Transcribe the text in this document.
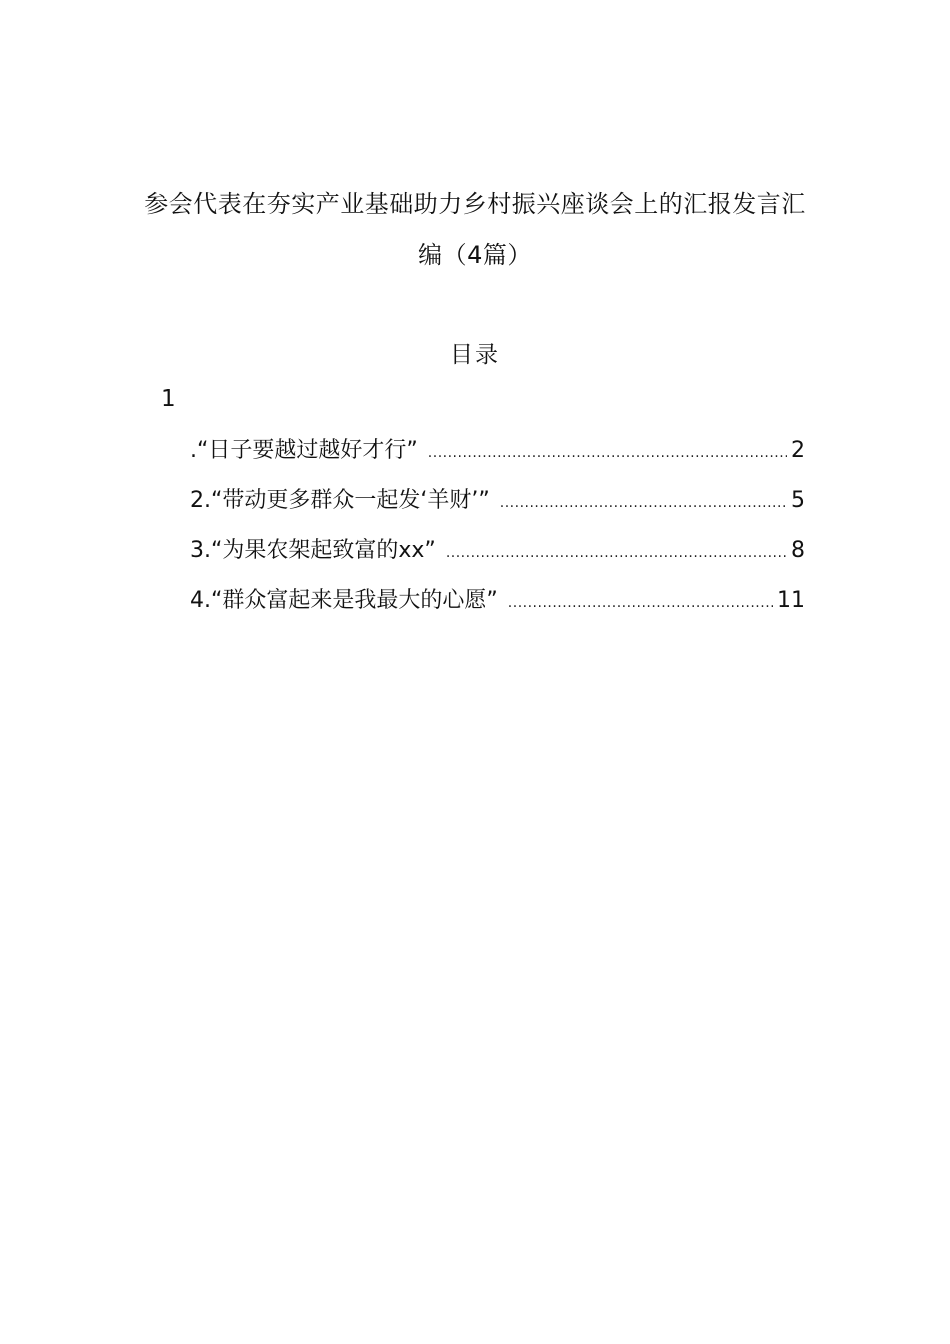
参会代表在夯实产业基础助力乡村振兴座谈会上的汇报发言汇
编（4篇）
目录
1
.“日子要越过越好才行” .....	2
2.“带动更多群众一起发‘羊财’” .....	5
3.“为果农架起致富的xx” .....	8
4.“群众富起来是我最大的心愿” .....	11
